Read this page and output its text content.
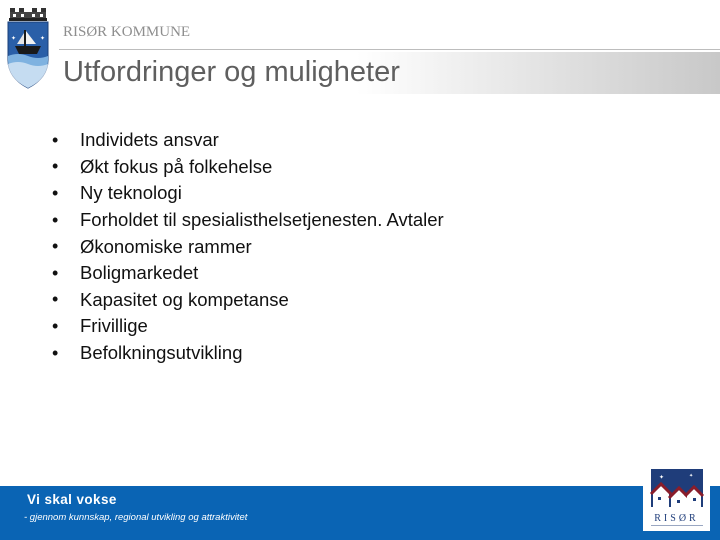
✦	✦ RISØR KOMMUNE
Utfordringer og muligheter
•	Individets ansvar
•	Økt fokus på folkehelse
•	Ny teknologi
•	Forholdet til spesialisthelsetjenesten. Avtaler
•	Økonomiske rammer
•	Boligmarkedet
•	Kapasitet og kompetanse
•	Frivillige
•	Befolkningsutvikling
Vi skal vokse
- gjennom kunnskap, regional utvikling og attraktivitet
✦	✦
RISØR
